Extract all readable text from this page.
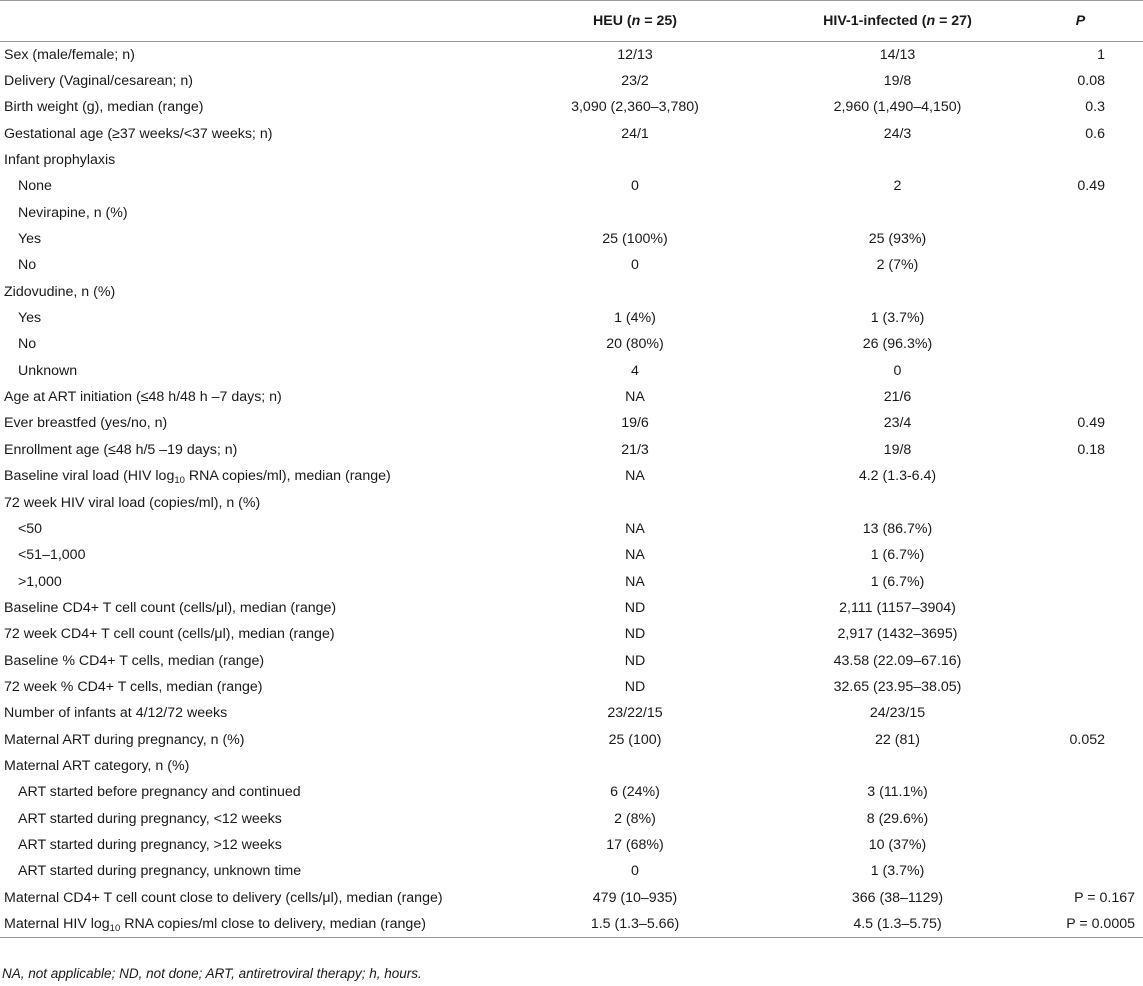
	HEU (n = 25)	HIV-1-infected (n = 27)	P
Sex (male/female; n)	12/13	14/13	1
Delivery (Vaginal/cesarean; n)	23/2	19/8	0.08
Birth weight (g), median (range)	3,090 (2,360–3,780)	2,960 (1,490–4,150)	0.3
Gestational age (≥37 weeks/<37 weeks; n)	24/1	24/3	0.6
Infant prophylaxis			
None	0	2	0.49
Nevirapine, n (%)			
Yes	25 (100%)	25 (93%)	
No	0	2 (7%)	
Zidovudine, n (%)			
Yes	1 (4%)	1 (3.7%)	
No	20 (80%)	26 (96.3%)	
Unknown	4	0	
Age at ART initiation (≤48 h/48 h –7 days; n)	NA	21/6	
Ever breastfed (yes/no, n)	19/6	23/4	0.49
Enrollment age (≤48 h/5 –19 days; n)	21/3	19/8	0.18
Baseline viral load (HIV $\log_{10}$ RNA copies/ml), median (range)	NA	4.2 (1.3-6.4)	
72 week HIV viral load (copies/ml), n (%)			
<50	NA	13 (86.7%)	
<51–1,000	NA	1 (6.7%)	
>1,000	NA	1 (6.7%)	
Baseline CD4+ T cell count (cells/μl), median (range)	ND	2,111 (1157–3904)	
72 week CD4+ T cell count (cells/μl), median (range)	ND	2,917 (1432–3695)	
Baseline % CD4+ T cells, median (range)	ND	43.58 (22.09–67.16)	
72 week % CD4+ T cells, median (range)	ND	32.65 (23.95–38.05)	
Number of infants at 4/12/72 weeks	23/22/15	24/23/15	
Maternal ART during pregnancy, n (%)	25 (100)	22 (81)	0.052
Maternal ART category, n (%)			
ART started before pregnancy and continued	6 (24%)	3 (11.1%)	
ART started during pregnancy, <12 weeks	2 (8%)	8 (29.6%)	
ART started during pregnancy, >12 weeks	17 (68%)	10 (37%)	
ART started during pregnancy, unknown time	0	1 (3.7%)	
Maternal CD4+ T cell count close to delivery (cells/μl), median (range)	479 (10–935)	366 (38–1129)	P = 0.167
Maternal HIV $\log_{10}$ RNA copies/ml close to delivery, median (range)	1.5 (1.3–5.66)	4.5 (1.3–5.75)	P = 0.0005
NA, not applicable; ND, not done; ART, antiretroviral therapy; h, hours.
